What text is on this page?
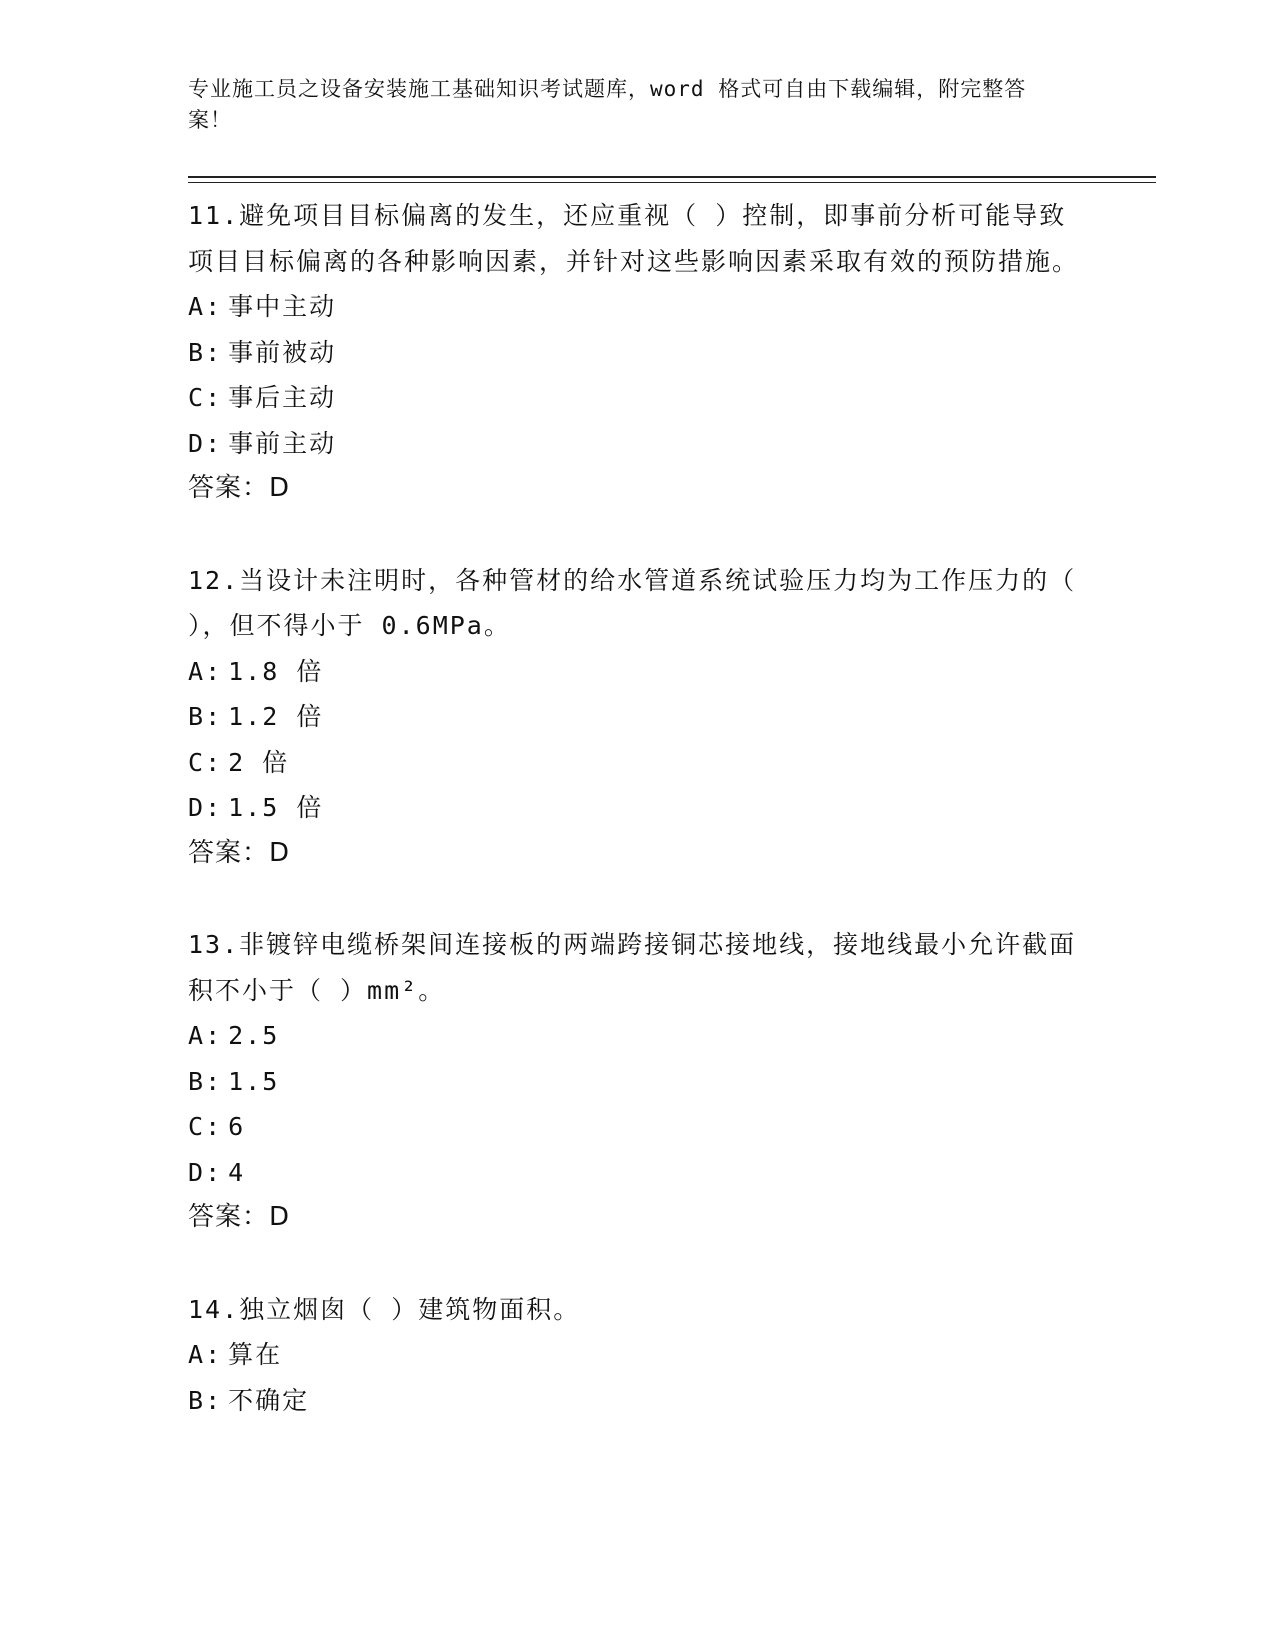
专业施工员之设备安装施工基础知识考试题库，word 格式可自由下载编辑，附完整答案！
11.避免项目目标偏离的发生，还应重视（ ）控制，即事前分析可能导致项目目标偏离的各种影响因素，并针对这些影响因素采取有效的预防措施。
A: 事中主动
B: 事前被动
C: 事后主动
D: 事前主动
答案：D
12.当设计未注明时，各种管材的给水管道系统试验压力均为工作压力的（ ），但不得小于 0.6MPa。
A: 1.8 倍
B: 1.2 倍
C: 2 倍
D: 1.5 倍
答案：D
13.非镀锌电缆桥架间连接板的两端跨接铜芯接地线，接地线最小允许截面积不小于（ ）mm²。
A: 2.5
B: 1.5
C: 6
D: 4
答案：D
14.独立烟囱（ ）建筑物面积。
A: 算在
B: 不确定
